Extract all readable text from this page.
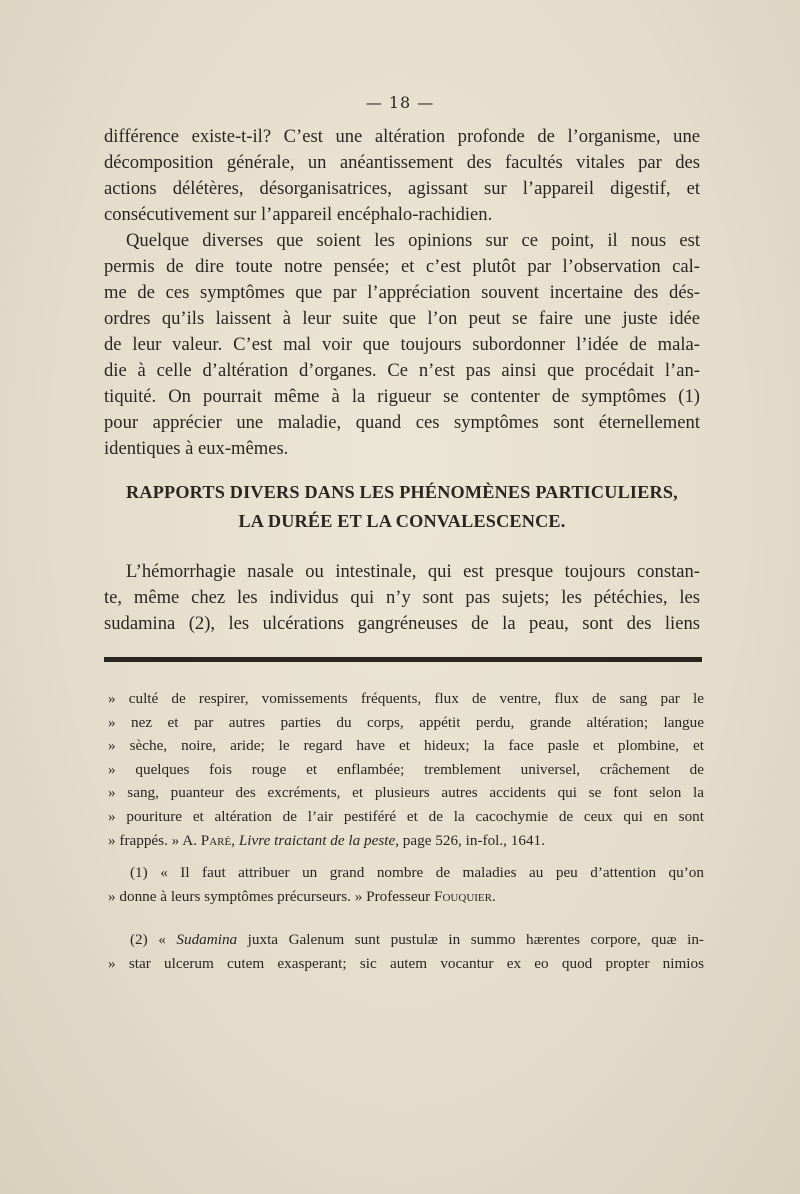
— 18 —
différence existe-t-il? C’est une altération profonde de l’organisme, une
décomposition générale, un anéantissement des facultés vitales par des
actions délétères, désorganisatrices, agissant sur l’appareil digestif, et
consécutivement sur l’appareil encéphalo-rachidien.
Quelque diverses que soient les opinions sur ce point, il nous est
permis de dire toute notre pensée; et c’est plutôt par l’observation cal-
me de ces symptômes que par l’appréciation souvent incertaine des dés-
ordres qu’ils laissent à leur suite que l’on peut se faire une juste idée
de leur valeur. C’est mal voir que toujours subordonner l’idée de mala-
die à celle d’altération d’organes. Ce n’est pas ainsi que procédait l’an-
tiquité. On pourrait même à la rigueur se contenter de symptômes (1)
pour apprécier une maladie, quand ces symptômes sont éternellement
identiques à eux-mêmes.
RAPPORTS DIVERS DANS LES PHÉNOMÈNES PARTICULIERS,
LA DURÉE ET LA CONVALESCENCE.
L’hémorrhagie nasale ou intestinale, qui est presque toujours constan-
te, même chez les individus qui n’y sont pas sujets; les pétéchies, les
sudamina (2), les ulcérations gangréneuses de la peau, sont des liens
» culté de respirer, vomissements fréquents, flux de ventre, flux de sang par le
» nez et par autres parties du corps, appétit perdu, grande altération; langue
» sèche, noire, aride; le regard have et hideux; la face pasle et plombine, et
» quelques fois rouge et enflambée; tremblement universel, crâchement de
» sang, puanteur des excréments, et plusieurs autres accidents qui se font selon la
» pouriture et altération de l’air pestiféré et de la cacochymie de ceux qui en sont
» frappés. » A. Paré, Livre traictant de la peste, page 526, in-fol., 1641.
(1) « Il faut attribuer un grand nombre de maladies au peu d’attention qu’on
» donne à leurs symptômes précurseurs. » Professeur Fouquier.
(2) « Sudamina juxta Galenum sunt pustulæ in summo hærentes corpore, quæ in-
» star ulcerum cutem exasperant; sic autem vocantur ex eo quod propter nimios
